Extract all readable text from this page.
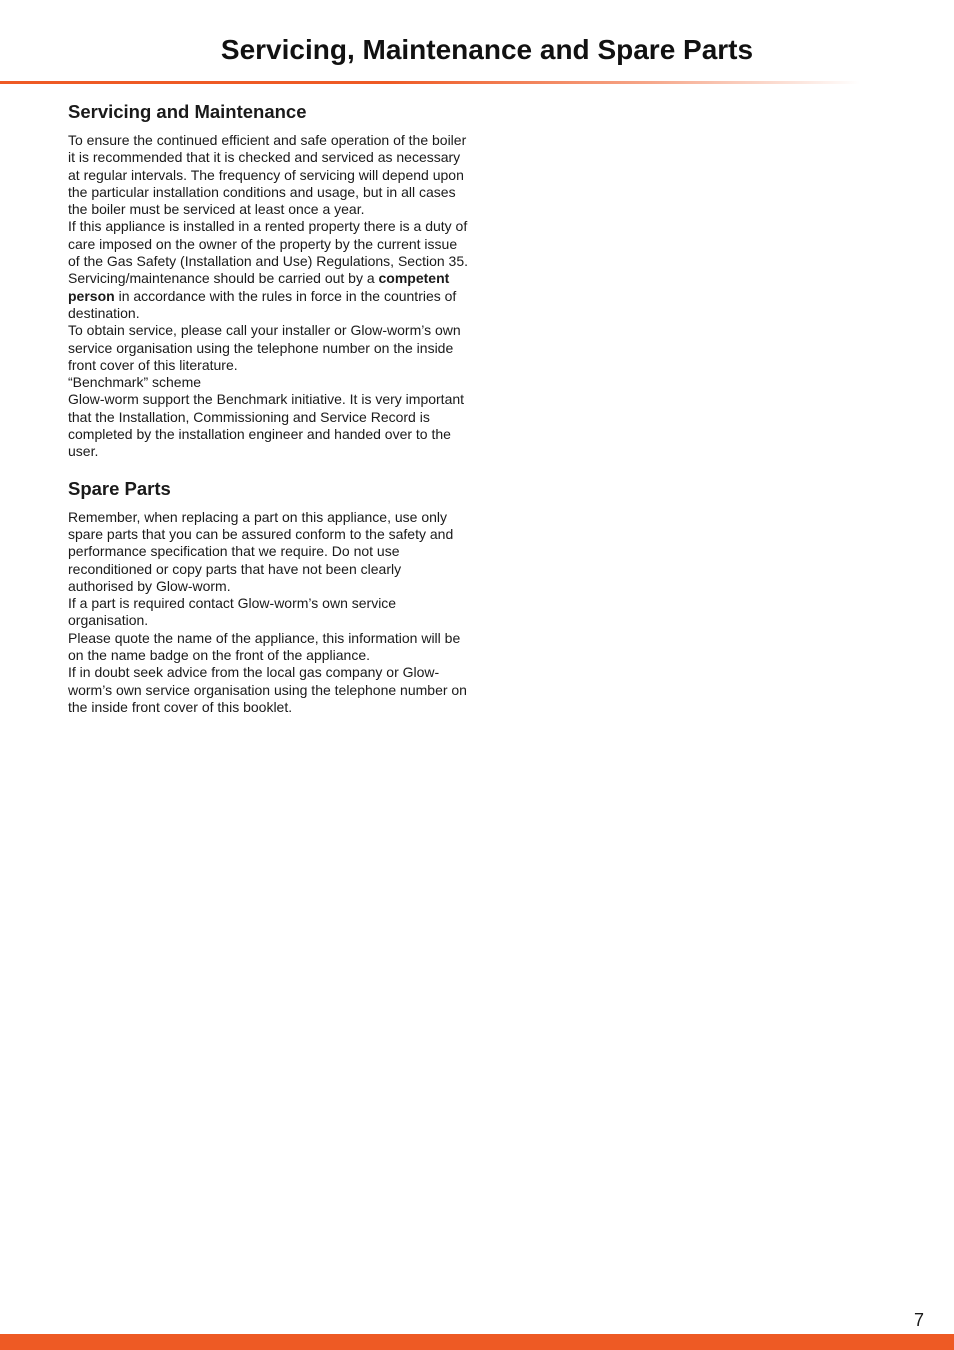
Servicing, Maintenance and Spare Parts
Servicing and Maintenance

To ensure the continued efficient and safe operation of the boiler it is recommended that it is checked and serviced as necessary at regular intervals. The frequency of servicing will depend upon the particular installation conditions and usage, but in all cases the boiler must be serviced at least once a year.

If this appliance is installed in a rented property there is a duty of care imposed on the owner of the property by the current issue of the Gas Safety (Installation and Use) Regulations, Section 35.

Servicing/maintenance should be carried out by a competent person in accordance with the rules in force in the countries of destination.

To obtain service, please call your installer or Glow-worm’s own service organisation using the telephone number on the inside front cover of this literature.

“Benchmark” scheme

Glow-worm support the Benchmark initiative. It is very important that the Installation, Commissioning and Service Record is completed by the installation engineer and handed over to the user.

Spare Parts

Remember, when replacing a part on this appliance, use only spare parts that you can be assured conform to the safety and performance specification that we require. Do not use reconditioned or copy parts that have not been clearly authorised by Glow-worm.

If a part is required contact Glow-worm’s own service organisation.

Please quote the name of the appliance, this information will be on the name badge on the front of the appliance.

If in doubt seek advice from the local gas company or Glow-worm’s own service organisation using the telephone number on the inside front cover of this booklet.

7
